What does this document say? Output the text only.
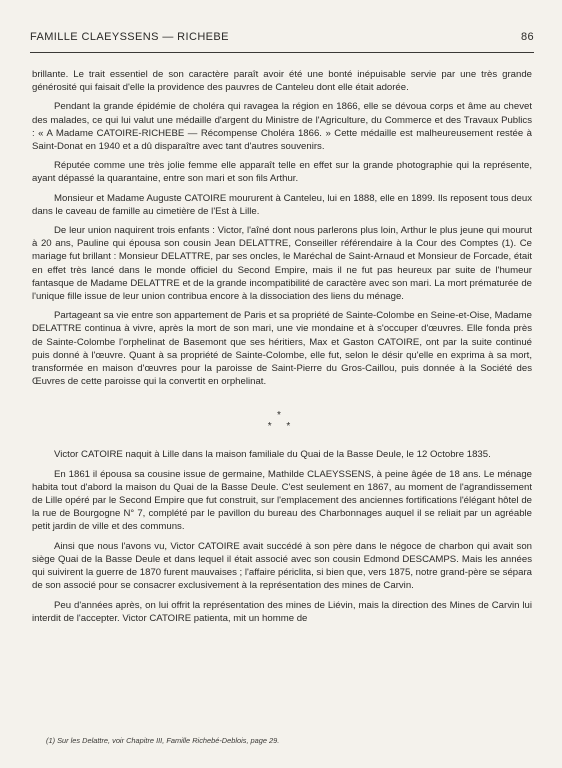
FAMILLE CLAEYSSENS — RICHEBE	86

brillante. Le trait essentiel de son caractère paraît avoir été une bonté inépuisable servie par une très grande générosité qui faisait d'elle la providence des pauvres de Canteleu dont elle était adorée.

Pendant la grande épidémie de choléra qui ravagea la région en 1866, elle se dévoua corps et âme au chevet des malades, ce qui lui valut une médaille d'argent du Ministre de l'Agriculture, du Commerce et des Travaux Publics : « A Madame CATOIRE-RICHEBE — Récompense Choléra 1866. » Cette médaille est malheureusement restée à Saint-Donat en 1940 et a dû disparaître avec tant d'autres souvenirs.

Réputée comme une très jolie femme elle apparaît telle en effet sur la grande photographie qui la représente, ayant dépassé la quarantaine, entre son mari et son fils Arthur.

Monsieur et Madame Auguste CATOIRE moururent à Canteleu, lui en 1888, elle en 1899. Ils reposent tous deux dans le caveau de famille au cimetière de l'Est à Lille.

De leur union naquirent trois enfants : Victor, l'aîné dont nous parlerons plus loin, Arthur le plus jeune qui mourut à 20 ans, Pauline qui épousa son cousin Jean DELATTRE, Conseiller référendaire à la Cour des Comptes (1). Ce mariage fut brillant : Monsieur DELATTRE, par ses oncles, le Maréchal de Saint-Arnaud et Monsieur de Forcade, était en effet très lancé dans le monde officiel du Second Empire, mais il ne fut pas heureux par suite de l'humeur fantasque de Madame DELATTRE et de la grande incompatibilité de caractère avec son mari. La mort prématurée de l'unique fille issue de leur union contribua encore à la dissociation des liens du ménage.

Partageant sa vie entre son appartement de Paris et sa propriété de Sainte-Colombe en Seine-et-Oise, Madame DELATTRE continua à vivre, après la mort de son mari, une vie mondaine et à s'occuper d'œuvres. Elle fonda près de Sainte-Colombe l'orphelinat de Basemont que ses héritiers, Max et Gaston CATOIRE, ont par la suite continué puis donné à l'œuvre. Quant à sa propriété de Sainte-Colombe, elle fut, selon le désir qu'elle en exprima à sa mort, transformée en maison d'œuvres pour la paroisse de Saint-Pierre du Gros-Caillou, puis donnée à la Société des Œuvres de cette paroisse qui la convertit en orphelinat.

*
* *

Victor CATOIRE naquit à Lille dans la maison familiale du Quai de la Basse Deule, le 12 Octobre 1835.

En 1861 il épousa sa cousine issue de germaine, Mathilde CLAEYSSENS, à peine âgée de 18 ans. Le ménage habita tout d'abord la maison du Quai de la Basse Deule. C'est seulement en 1867, au moment de l'agrandissement de Lille opéré par le Second Empire que fut construit, sur l'emplacement des anciennes fortifications l'élégant hôtel de la rue de Bourgogne N° 7, complété par le pavillon du bureau des Charbonnages auquel il se reliait par un agréable petit jardin de ville et des communs.

Ainsi que nous l'avons vu, Victor CATOIRE avait succédé à son père dans le négoce de charbon qui avait son siège Quai de la Basse Deule et dans lequel il était associé avec son cousin Edmond DESCAMPS. Mais les années qui suivirent la guerre de 1870 furent mauvaises ; l'affaire périclita, si bien que, vers 1875, notre grand-père se sépara de son associé pour se consacrer exclusivement à la représentation des mines de Carvin.

Peu d'années après, on lui offrit la représentation des mines de Liévin, mais la direction des Mines de Carvin lui interdit de l'accepter. Victor CATOIRE patienta, mit un homme de

(1) Sur les Delattre, voir Chapitre III, Famille Richebé-Deblois, page 29.
